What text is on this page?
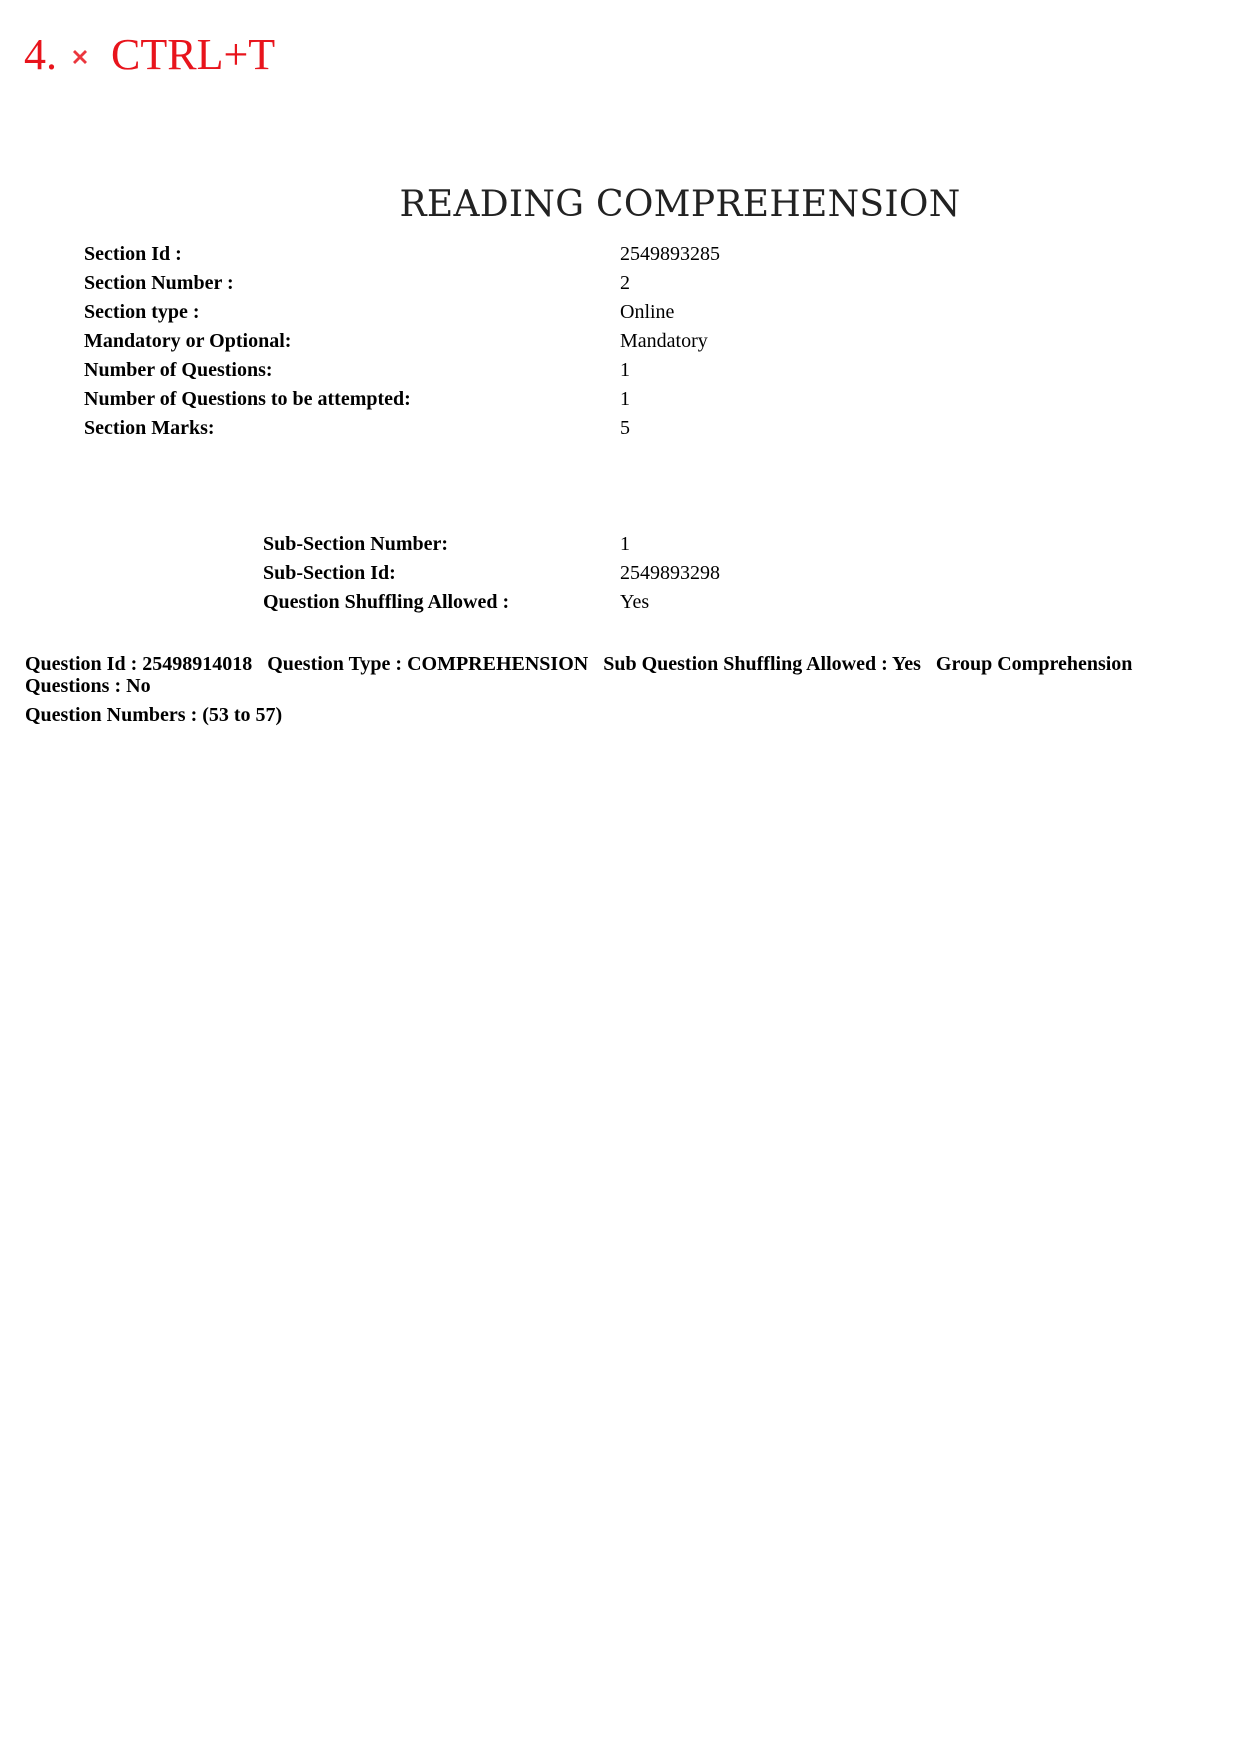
4. CTRL+T
READING COMPREHENSION
Section Id :	2549893285
Section Number :	2
Section type :	Online
Mandatory or Optional:	Mandatory
Number of Questions:	1
Number of Questions to be attempted:	1
Section Marks:	5
Sub-Section Number:	1
Sub-Section Id:	2549893298
Question Shuffling Allowed :	Yes
Question Id : 25498914018 Question Type : COMPREHENSION Sub Question Shuffling Allowed : Yes Group Comprehension Questions : No
Question Numbers : (53 to 57)
